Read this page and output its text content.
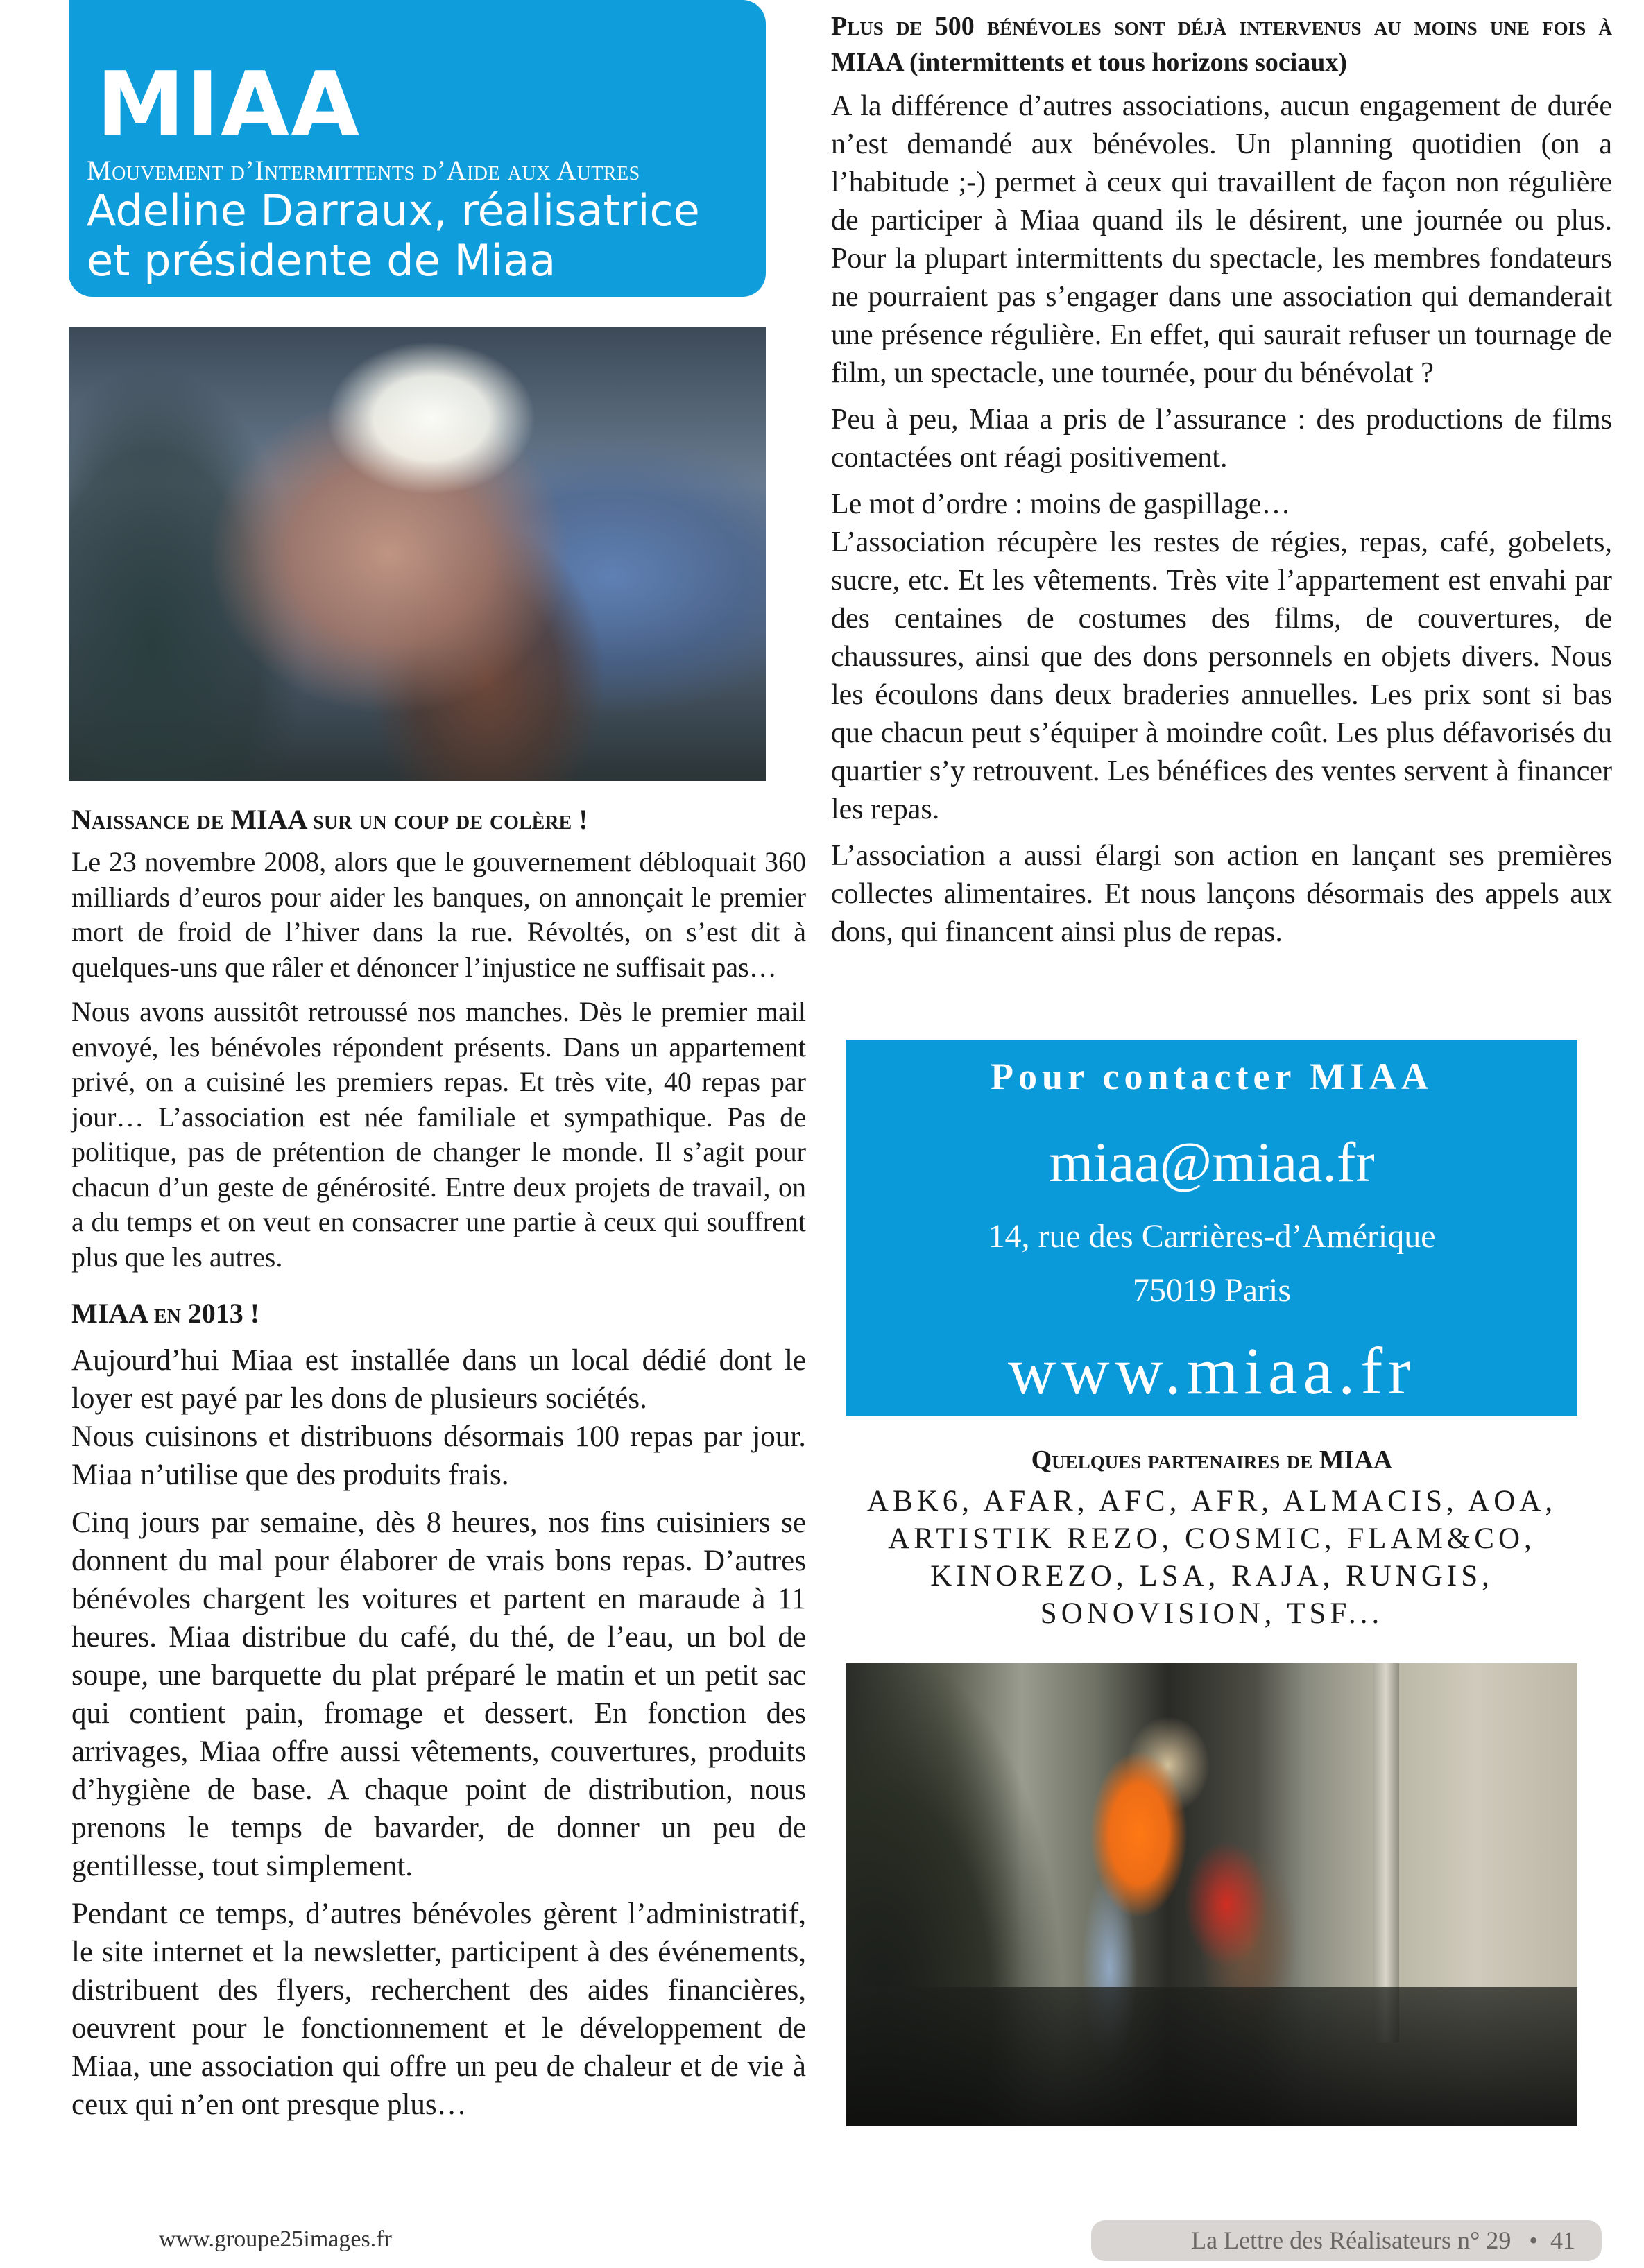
MIAA
Mouvement d’Intermittents d’Aide aux Autres
Adeline Darraux, réalisatrice
et présidente de Miaa
Naissance de MIAA sur un coup de colère !

Le 23 novembre 2008, alors que le gouvernement débloquait 360 milliards d’euros pour aider les banques, on annonçait le premier mort de froid de l’hiver dans la rue. Révoltés, on s’est dit à quelques-uns que râler et dénoncer l’injustice ne suffisait pas…

Nous avons aussitôt retroussé nos manches. Dès le premier mail envoyé, les bénévoles répondent présents. Dans un appartement privé, on a cuisiné les premiers repas. Et très vite, 40 repas par jour… L’association est née familiale et sympathique. Pas de politique, pas de prétention de changer le monde. Il s’agit pour chacun d’un geste de générosité. Entre deux projets de travail, on a du temps et on veut en consacrer une partie à ceux qui souffrent plus que les autres.

MIAA en 2013 !

Aujourd’hui Miaa est installée dans un local dédié dont le loyer est payé par les dons de plusieurs sociétés.

Nous cuisinons et distribuons désormais 100 repas par jour. Miaa n’utilise que des produits frais.

Cinq jours par semaine, dès 8 heures, nos fins cuisiniers se donnent du mal pour élaborer de vrais bons repas. D’autres bénévoles chargent les voitures et partent en maraude à 11 heures. Miaa distribue du café, du thé, de l’eau, un bol de soupe, une barquette du plat préparé le matin et un petit sac qui contient pain, fromage et dessert. En fonction des arrivages, Miaa offre aussi vêtements, couvertures, produits d’hygiène de base. A chaque point de distribution, nous prenons le temps de bavarder, de donner un peu de gentillesse, tout simplement.

Pendant ce temps, d’autres bénévoles gèrent l’administratif, le site internet et la newsletter, participent à des événements, distribuent des flyers, recherchent des aides financières, oeuvrent pour le fonctionnement et le développement de Miaa, une association qui offre un peu de chaleur et de vie à ceux qui n’en ont presque plus…

Plus de 500 bénévoles sont déjà intervenus au moins une fois à MIAA (intermittents et tous horizons sociaux)

A la différence d’autres associations, aucun engagement de durée n’est demandé aux bénévoles. Un planning quotidien (on a l’habitude ;-) permet à ceux qui travaillent de façon non régulière de participer à Miaa quand ils le désirent, une journée ou plus. Pour la plupart intermittents du spectacle, les membres fondateurs ne pourraient pas s’engager dans une association qui demanderait une présence régulière. En effet, qui saurait refuser un tournage de film, un spectacle, une tournée, pour du bénévolat ?

Peu à peu, Miaa a pris de l’assurance : des productions de films contactées ont réagi positivement.

Le mot d’ordre : moins de gaspillage…

L’association récupère les restes de régies, repas, café, gobelets, sucre, etc. Et les vêtements. Très vite l’appartement est envahi par des centaines de costumes des films, de couvertures, de chaussures, ainsi que des dons personnels en objets divers. Nous les écoulons dans deux braderies annuelles. Les prix sont si bas que chacun peut s’équiper à moindre coût. Les plus défavorisés du quartier s’y retrouvent. Les bénéfices des ventes servent à financer les repas.

L’association a aussi élargi son action en lançant ses premières collectes alimentaires. Et nous lançons désormais des appels aux dons, qui financent ainsi plus de repas.

Pour contacter MIAA
miaa@miaa.fr
14, rue des Carrières-d’Amérique
75019 Paris
www.miaa.fr
Quelques partenaires de MIAA
ABK6, AFAR, AFC, AFR, ALMACIS, AOA,
ARTISTIK REZO, COSMIC, FLAM&CO,
KINOREZO, LSA, RAJA, RUNGIS,
SONOVISION, TSF...
www.groupe25images.fr	La Lettre des Réalisateurs n° 29 • 41
